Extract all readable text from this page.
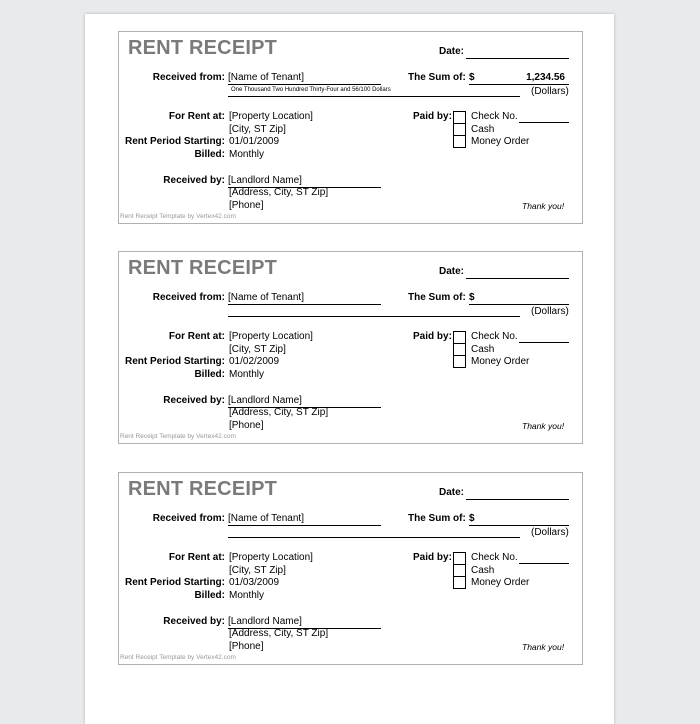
RENT RECEIPT	Date:
Received from: [Name of Tenant]	The Sum of: $	1,234.56
One Thousand Two Hundred Thirty-Four and 56/100 Dollars	(Dollars)
For Rent at: [Property Location]
[City, ST Zip]
Rent Period Starting: 01/01/2009
Billed: Monthly
Paid by: Check No.
Cash
Money Order
Received by: [Landlord Name]
[Address, City, ST Zip]
[Phone]	Thank you!
Rent Receipt Template by Vertex42.com
RENT RECEIPT	Date:
Received from: [Name of Tenant]	The Sum of: $
(Dollars)
For Rent at: [Property Location]
[City, ST Zip]
Rent Period Starting: 01/02/2009
Billed: Monthly
Paid by: Check No.
Cash
Money Order
Received by: [Landlord Name]
[Address, City, ST Zip]
[Phone]	Thank you!
Rent Receipt Template by Vertex42.com
RENT RECEIPT	Date:
Received from: [Name of Tenant]	The Sum of: $
(Dollars)
For Rent at: [Property Location]
[City, ST Zip]
Rent Period Starting: 01/03/2009
Billed: Monthly
Paid by: Check No.
Cash
Money Order
Received by: [Landlord Name]
[Address, City, ST Zip]
[Phone]	Thank you!
Rent Receipt Template by Vertex42.com
